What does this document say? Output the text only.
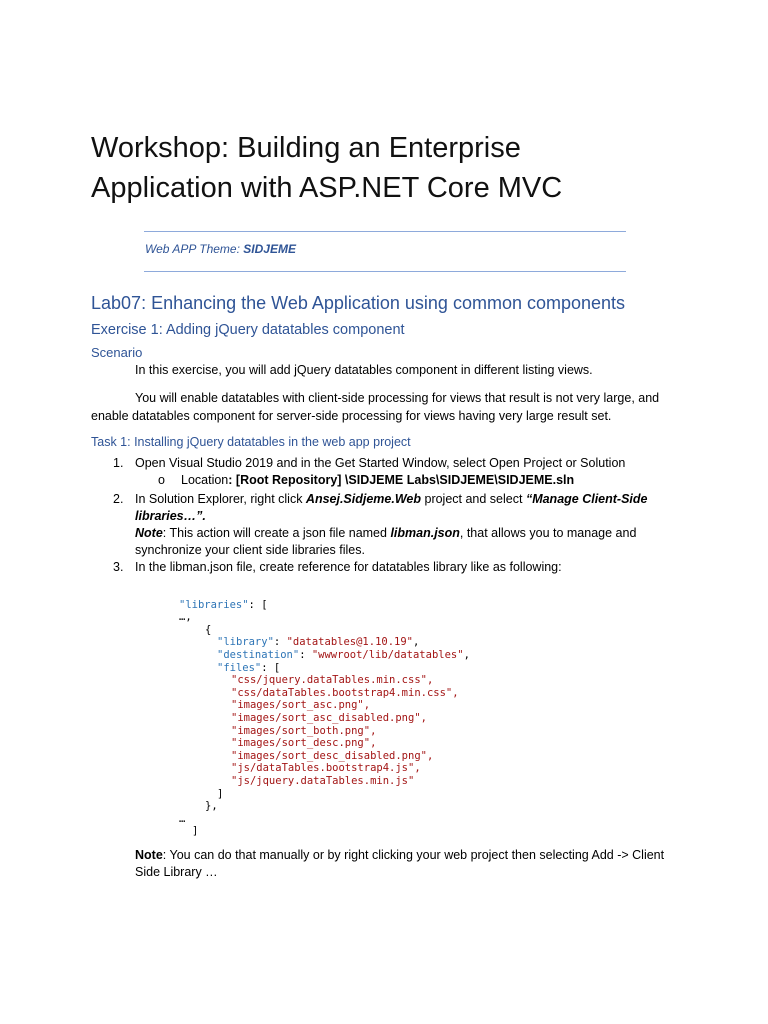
Workshop: Building an Enterprise
Application with ASP.NET Core MVC
Web APP Theme: SIDJEME
Lab07: Enhancing the Web Application using common components
Exercise 1: Adding jQuery datatables component
Scenario
In this exercise, you will add jQuery datatables component in different listing views.
You will enable datatables with client-side processing for views that result is not very large, and
enable datatables component for server-side processing for views having very large result set.
Task 1: Installing jQuery datatables in the web app project
1. Open Visual Studio 2019 and in the Get Started Window, select Open Project or Solution
o Location: [Root Repository] \SIDJEME Labs\SIDJEME\SIDJEME.sln
2. In Solution Explorer, right click Ansej.Sidjeme.Web project and select “Manage Client-Side
libraries…”.
Note: This action will create a json file named libman.json, that allows you to manage and
synchronize your client side libraries files.
3. In the libman.json file, create reference for datatables library like as following:

"libraries": [
…,
{
"library": "datatables@1.10.19",
"destination": "wwwroot/lib/datatables",
"files": [
"css/jquery.dataTables.min.css",
"css/dataTables.bootstrap4.min.css",
"images/sort_asc.png",
"images/sort_asc_disabled.png",
"images/sort_both.png",
"images/sort_desc.png",
"images/sort_desc_disabled.png",
"js/dataTables.bootstrap4.js",
"js/jquery.dataTables.min.js"
]
},
…
]

Note: You can do that manually or by right clicking your web project then selecting Add -> Client
Side Library …
